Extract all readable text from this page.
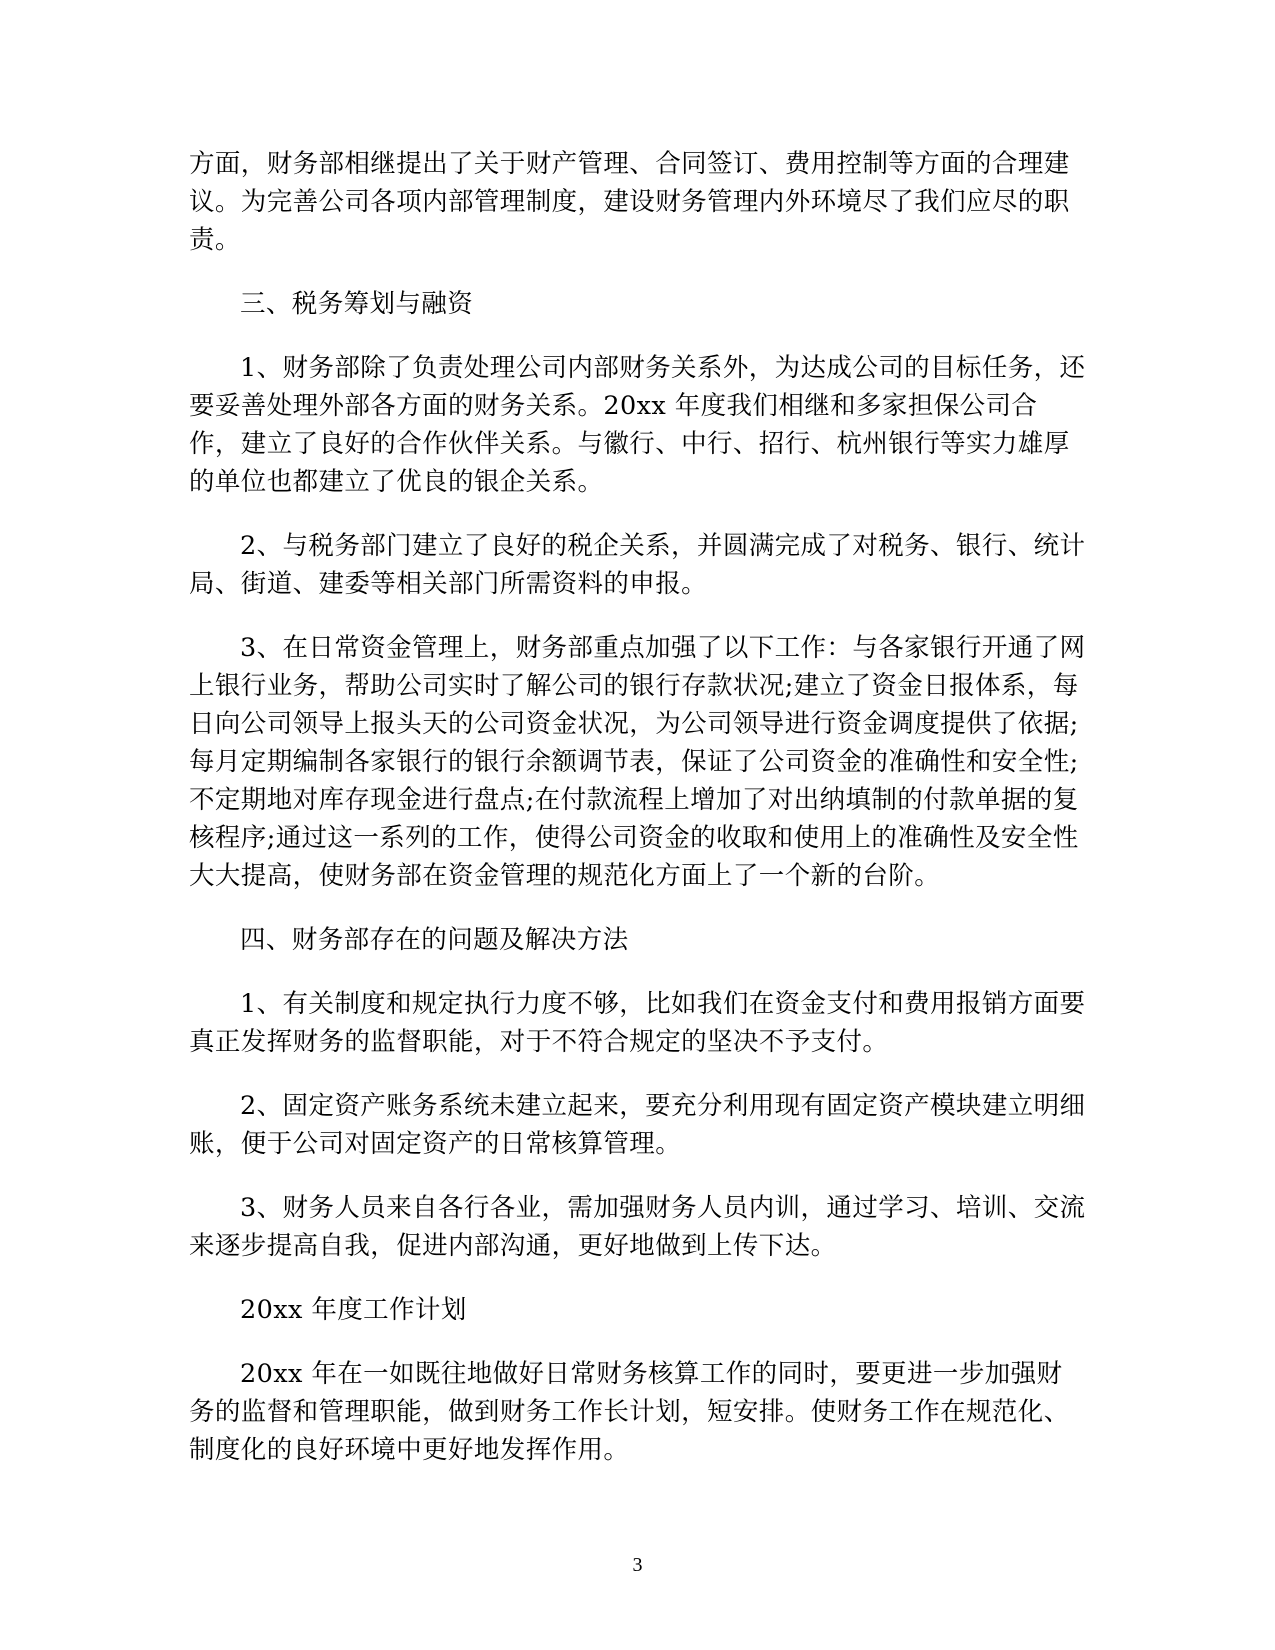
方面，财务部相继提出了关于财产管理、合同签订、费用控制等方面的合理建议。为完善公司各项内部管理制度，建设财务管理内外环境尽了我们应尽的职责。

三、税务筹划与融资

1、财务部除了负责处理公司内部财务关系外，为达成公司的目标任务，还要妥善处理外部各方面的财务关系。20xx 年度我们相继和多家担保公司合作，建立了良好的合作伙伴关系。与徽行、中行、招行、杭州银行等实力雄厚的单位也都建立了优良的银企关系。

2、与税务部门建立了良好的税企关系，并圆满完成了对税务、银行、统计局、街道、建委等相关部门所需资料的申报。

3、在日常资金管理上，财务部重点加强了以下工作：与各家银行开通了网上银行业务，帮助公司实时了解公司的银行存款状况;建立了资金日报体系，每日向公司领导上报头天的公司资金状况，为公司领导进行资金调度提供了依据;每月定期编制各家银行的银行余额调节表，保证了公司资金的准确性和安全性;不定期地对库存现金进行盘点;在付款流程上增加了对出纳填制的付款单据的复核程序;通过这一系列的工作，使得公司资金的收取和使用上的准确性及安全性大大提高，使财务部在资金管理的规范化方面上了一个新的台阶。

四、财务部存在的问题及解决方法

1、有关制度和规定执行力度不够，比如我们在资金支付和费用报销方面要真正发挥财务的监督职能，对于不符合规定的坚决不予支付。

2、固定资产账务系统未建立起来，要充分利用现有固定资产模块建立明细账，便于公司对固定资产的日常核算管理。

3、财务人员来自各行各业，需加强财务人员内训，通过学习、培训、交流来逐步提高自我，促进内部沟通，更好地做到上传下达。

20xx 年度工作计划

20xx 年在一如既往地做好日常财务核算工作的同时，要更进一步加强财务的监督和管理职能，做到财务工作长计划，短安排。使财务工作在规范化、制度化的良好环境中更好地发挥作用。

3
